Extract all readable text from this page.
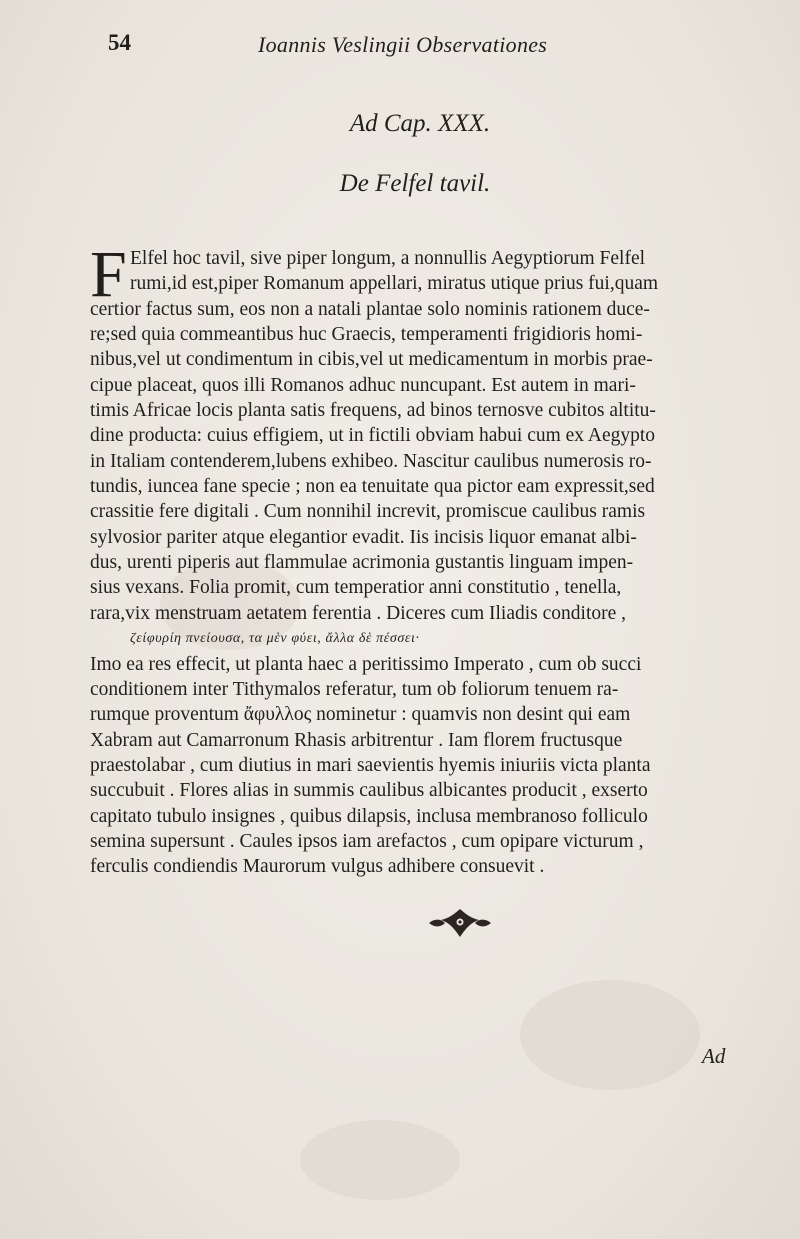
54	Ioannis Veslingii Observationes
Ad Cap. XXX.
De Felfel tavil.
F Elfel hoc tavil, sive piper longum, a nonnullis Aegyptiorum Felfel
rumi,id est,piper Romanum appellari, miratus utique prius fui,quam
certior factus sum, eos non a natali plantae solo nominis rationem duce-
re;sed quia commeantibus huc Graecis, temperamenti frigidioris homi-
nibus,vel ut condimentum in cibis,vel ut medicamentum in morbis prae-
cipue placeat, quos illi Romanos adhuc nuncupant. Est autem in mari-
timis Africae locis planta satis frequens, ad binos ternosve cubitos altitu-
dine producta: cuius effigiem, ut in fictili obviam habui cum ex Aegypto
in Italiam contenderem,lubens exhibeo. Nascitur caulibus numerosis ro-
tundis, iuncea fane specie ; non ea tenuitate qua pictor eam expressit,sed
crassitie fere digitali . Cum nonnihil increvit, promiscue caulibus ramis
sylvosior pariter atque elegantior evadit. Iis incisis liquor emanat albi-
dus, urenti piperis aut flammulae acrimonia gustantis linguam impen-
sius vexans. Folia promit, cum temperatior anni constitutio , tenella,
rara,vix menstruam aetatem ferentia . Diceres cum Iliadis conditore ,
ζείφυρίη πνείουσα, τα μὲν φύει, ἄλλα δὲ πέσσει·
Imo ea res effecit, ut planta haec a peritissimo Imperato , cum ob succi
conditionem inter Tithymalos referatur, tum ob foliorum tenuem ra-
rumque proventum ἄφυλλος nominetur : quamvis non desint qui eam
Xabram aut Camarronum Rhasis arbitrentur . Iam florem fructusque
praestolabar , cum diutius in mari saevientis hyemis iniuriis victa planta
succubuit . Flores alias in summis caulibus albicantes producit , exserto
capitato tubulo insignes , quibus dilapsis, inclusa membranoso folliculo
semina supersunt . Caules ipsos iam arefactos , cum opipare victurum ,
ferculis condiendis Maurorum vulgus adhibere consuevit .
Ad
